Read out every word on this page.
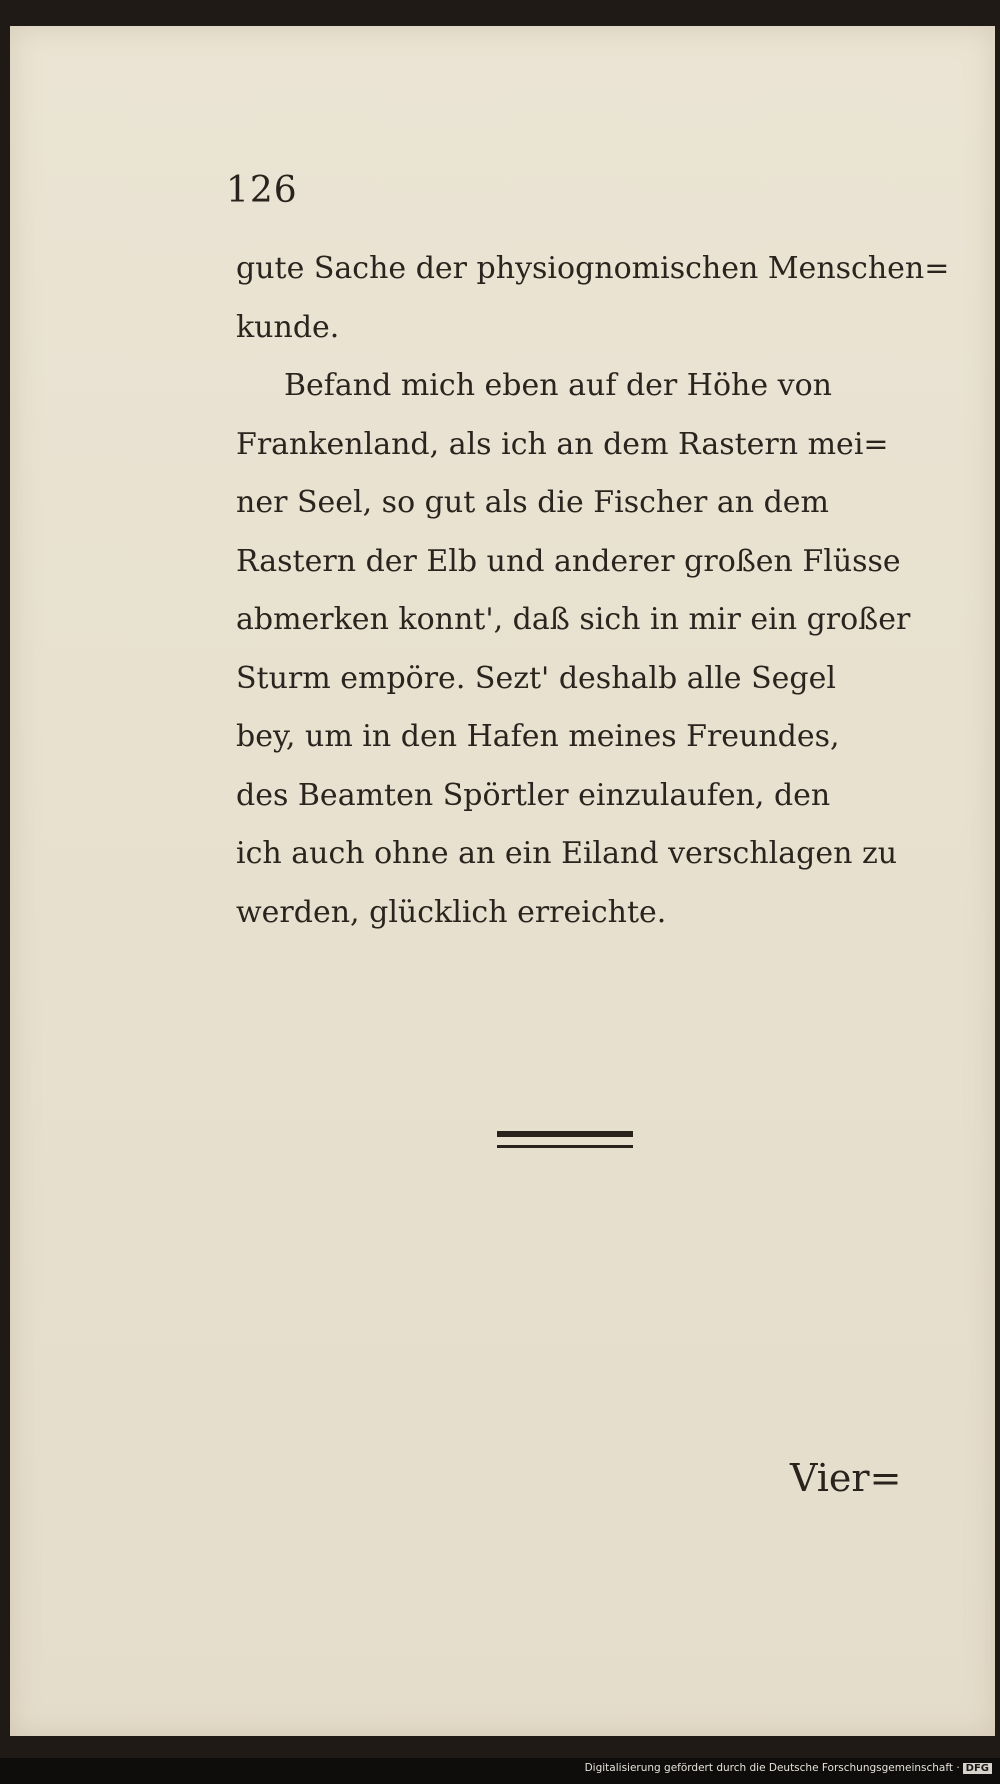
126

gute Sache der physiognomischen Menschen=
kunde.

Befand mich eben auf der Höhe von
Frankenland, als ich an dem Rastern mei=
ner Seel, so gut als die Fischer an dem
Rastern der Elb und anderer großen Flüsse
abmerken konnt', daß sich in mir ein großer
Sturm empöre. Sezt' deshalb alle Segel
bey, um in den Hafen meines Freundes,
des Beamten Spörtler einzulaufen, den
ich auch ohne an ein Eiland verschlagen zu
werden, glücklich erreichte.

Vier=
Digitalisierung gefördert durch die Deutsche Forschungsgemeinschaft · DFG
